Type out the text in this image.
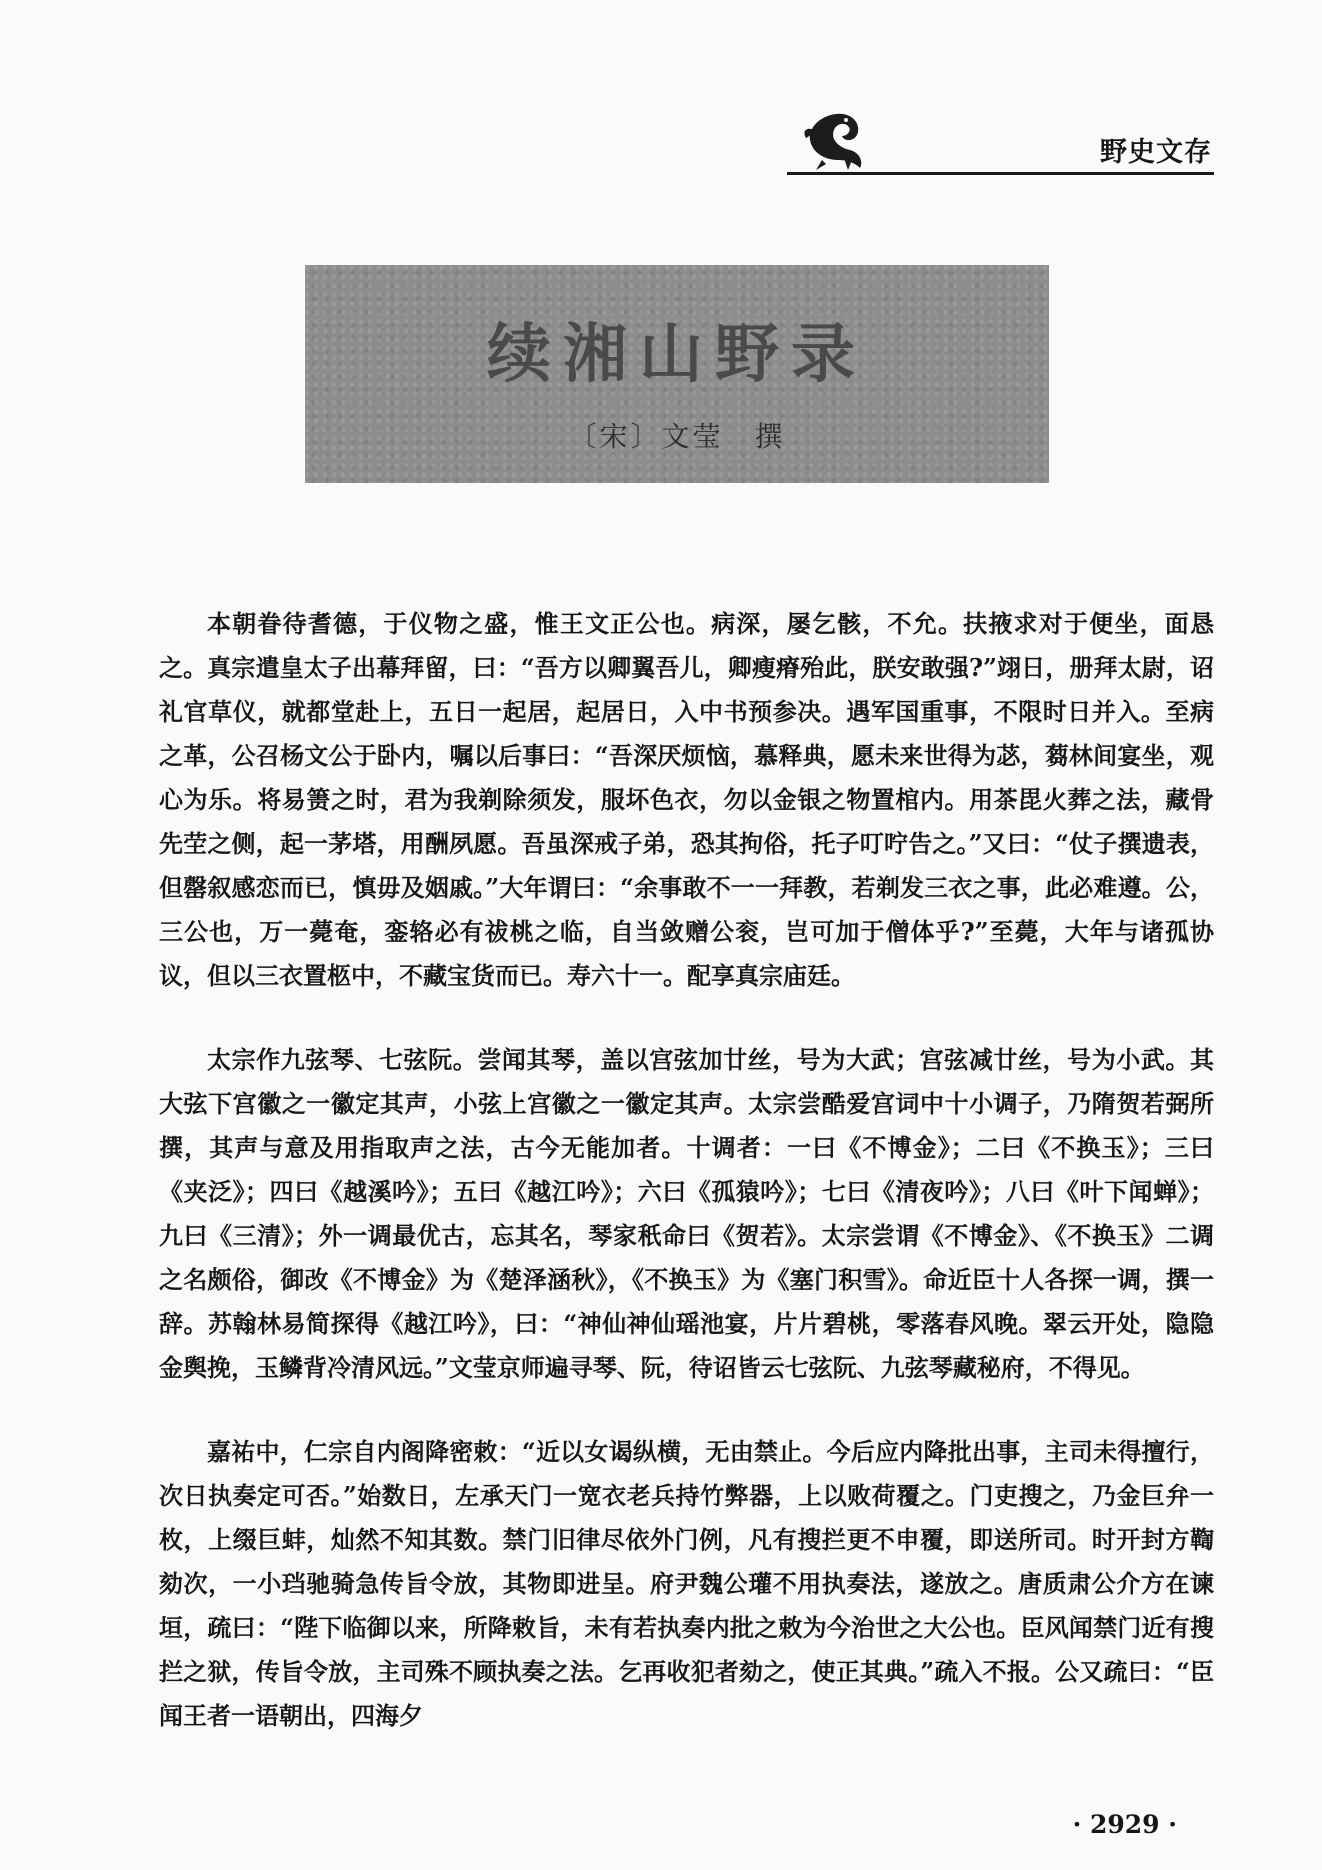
野史文存
续湘山野录
〔宋〕文莹　撰

本朝眷待耆德，于仪物之盛，惟王文正公也。病深，屡乞骸，不允。扶掖求对于便坐，面恳之。真宗遣皇太子出幕拜留，曰：“吾方以卿翼吾儿，卿瘦瘠殆此，朕安敢强?”翊日，册拜太尉，诏礼官草仪，就都堂赴上，五日一起居，起居日，入中书预参决。遇军国重事，不限时日并入。至病之革，公召杨文公于卧内，嘱以后事曰：“吾深厌烦恼，慕释典，愿未来世得为苾，蒭林间宴坐，观心为乐。将易箦之时，君为我剃除须发，服坏色衣，勿以金银之物置棺内。用茶毘火葬之法，藏骨先茔之侧，起一茅塔，用酬夙愿。吾虽深戒子弟，恐其拘俗，托子叮咛告之。”又曰：“仗子撰遗表，但罄叙感恋而已，慎毋及姻戚。”大年谓曰：“余事敢不一一拜教，若剃发三衣之事，此必难遵。公，三公也，万一薨奄，銮辂必有祓桃之临，自当敛赠公衮，岂可加于僧体乎?”至薨，大年与诸孤协议，但以三衣置柩中，不藏宝货而已。寿六十一。配享真宗庙廷。

太宗作九弦琴、七弦阮。尝闻其琴，盖以宫弦加廿丝，号为大武；宫弦减廿丝，号为小武。其大弦下宫徽之一徽定其声，小弦上宫徽之一徽定其声。太宗尝酷爱宫词中十小调子，乃隋贺若弼所撰，其声与意及用指取声之法，古今无能加者。十调者：一曰《不博金》；二曰《不换玉》；三曰《夹泛》；四曰《越溪吟》；五曰《越江吟》；六曰《孤猿吟》；七曰《清夜吟》；八曰《叶下闻蝉》；九曰《三清》；外一调最优古，忘其名，琴家秖命曰《贺若》。太宗尝谓《不博金》、《不换玉》二调之名颇俗，御改《不博金》为《楚泽涵秋》，《不换玉》为《塞门积雪》。命近臣十人各探一调，撰一辞。苏翰林易简探得《越江吟》，曰：“神仙神仙瑶池宴，片片碧桃，零落春风晚。翠云开处，隐隐金舆挽，玉鳞背冷清风远。”文莹京师遍寻琴、阮，待诏皆云七弦阮、九弦琴藏秘府，不得见。

嘉祐中，仁宗自内阁降密敕：“近以女谒纵横，无由禁止。今后应内降批出事，主司未得擅行，次日执奏定可否。”始数日，左承天门一宽衣老兵持竹弊器，上以败荷覆之。门吏搜之，乃金巨弁一枚，上缀巨蚌，灿然不知其数。禁门旧律尽依外门例，凡有搜拦更不申覆，即送所司。时开封方鞫劾次，一小珰驰骑急传旨令放，其物即进呈。府尹魏公瓘不用执奏法，遂放之。唐质肃公介方在谏垣，疏曰：“陛下临御以来，所降敕旨，未有若执奏内批之敕为今治世之大公也。臣风闻禁门近有搜拦之狱，传旨令放，主司殊不顾执奏之法。乞再收犯者劾之，使正其典。”疏入不报。公又疏曰：“臣闻王者一语朝出，四海夕

· 2929 ·
